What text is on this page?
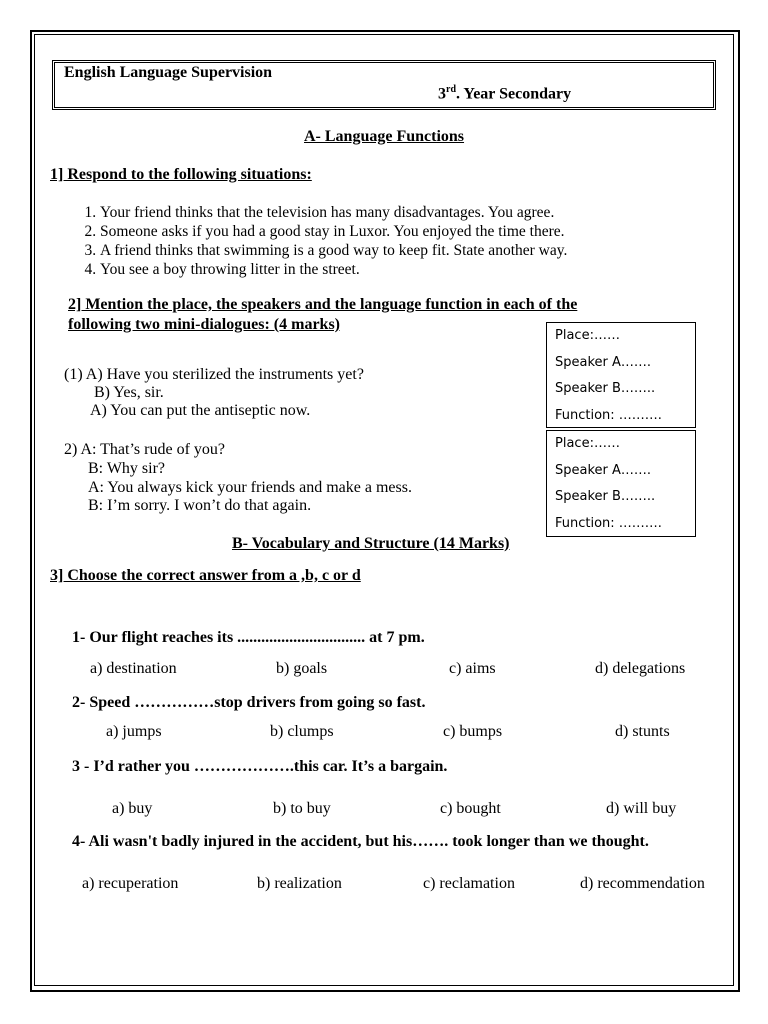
English Language Supervision
3rd. Year Secondary
A- Language Functions
1] Respond to the following situations:
1. Your friend thinks that the television has many disadvantages. You agree.
2. Someone asks if you had a good stay in Luxor. You enjoyed the time there.
3. A friend thinks that swimming is a good way to keep fit. State another way.
4. You see a boy throwing litter in the street.
2] Mention the place, the speakers and the language function in each of the
following two mini-dialogues: (4 marks)
(1) A) Have you sterilized the instruments yet?
B) Yes, sir.
A) You can put the antiseptic now.
2) A: That’s rude of you?
B: Why sir?
A: You always kick your friends and make a mess.
B: I’m sorry. I won’t do that again.
Place:……
Speaker A…….
Speaker B……..
Function: ……….
Place:……
Speaker A…….
Speaker B……..
Function: ……….
B- Vocabulary and Structure (14 Marks)
3] Choose the correct answer from a ,b, c or d
1- Our flight reaches its ................................ at 7 pm.
a) destination	b) goals	c) aims	d) delegations
2- Speed ……………stop drivers from going so fast.
a) jumps	b) clumps	c) bumps	d) stunts
3 - I’d rather you ……………….this car. It’s a bargain.
a) buy	b) to buy	c) bought	d) will buy
4- Ali wasn't badly injured in the accident, but his……. took longer than we thought.
a) recuperation	b) realization	c) reclamation	d) recommendation
